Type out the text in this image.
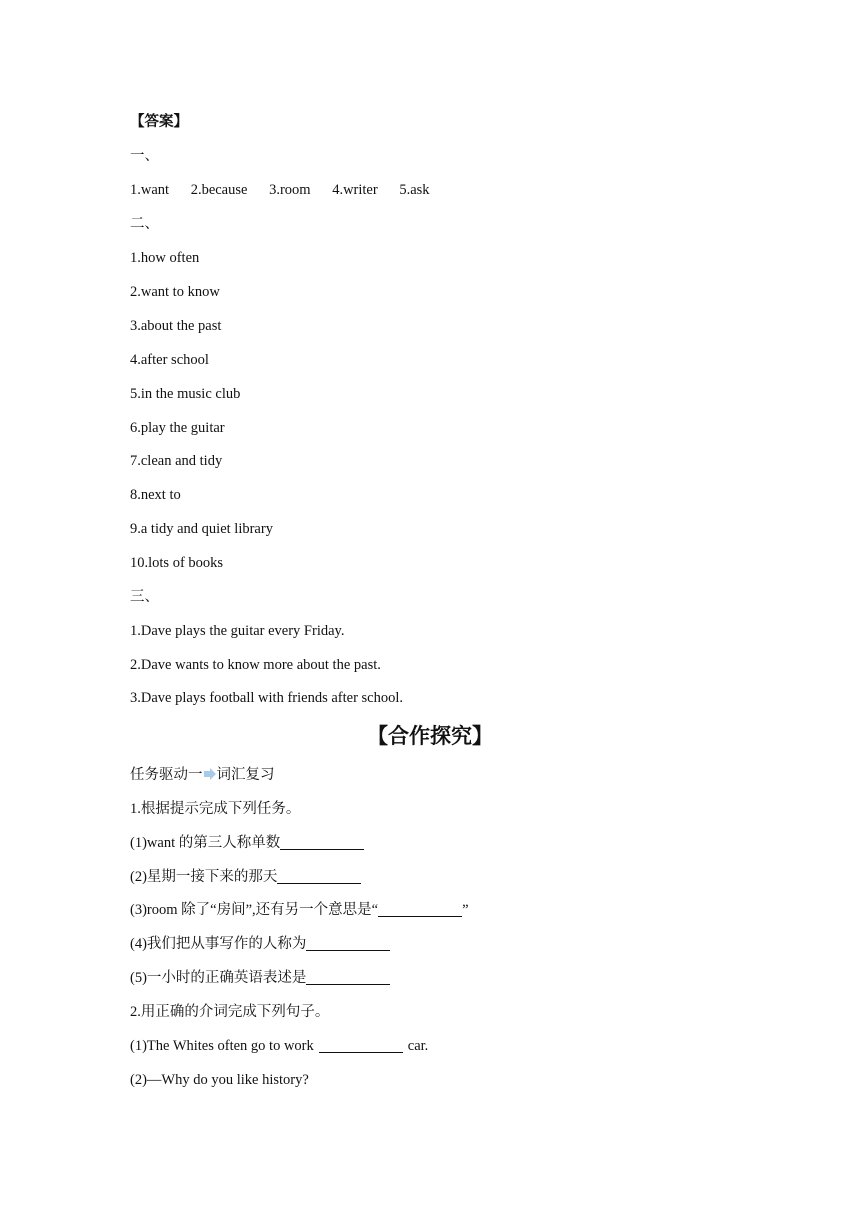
【答案】
一、
1.want 2.because 3.room 4.writer 5.ask
二、
1.how often
2.want to know
3.about the past
4.after school
5.in the music club
6.play the guitar
7.clean and tidy
8.next to
9.a tidy and quiet library
10.lots of books
三、
1.Dave plays the guitar every Friday.
2.Dave wants to know more about the past.
3.Dave plays football with friends after school.
【合作探究】
任务驱动一 词汇复习
1.根据提示完成下列任务。
(1)want 的第三人称单数
(2)星期一接下来的那天
(3)room 除了“房间”,还有另一个意思是“	”
(4)我们把从事写作的人称为
(5)一小时的正确英语表述是
2.用正确的介词完成下列句子。
(1)The Whites often go to work	car.
(2)—Why do you like history?
